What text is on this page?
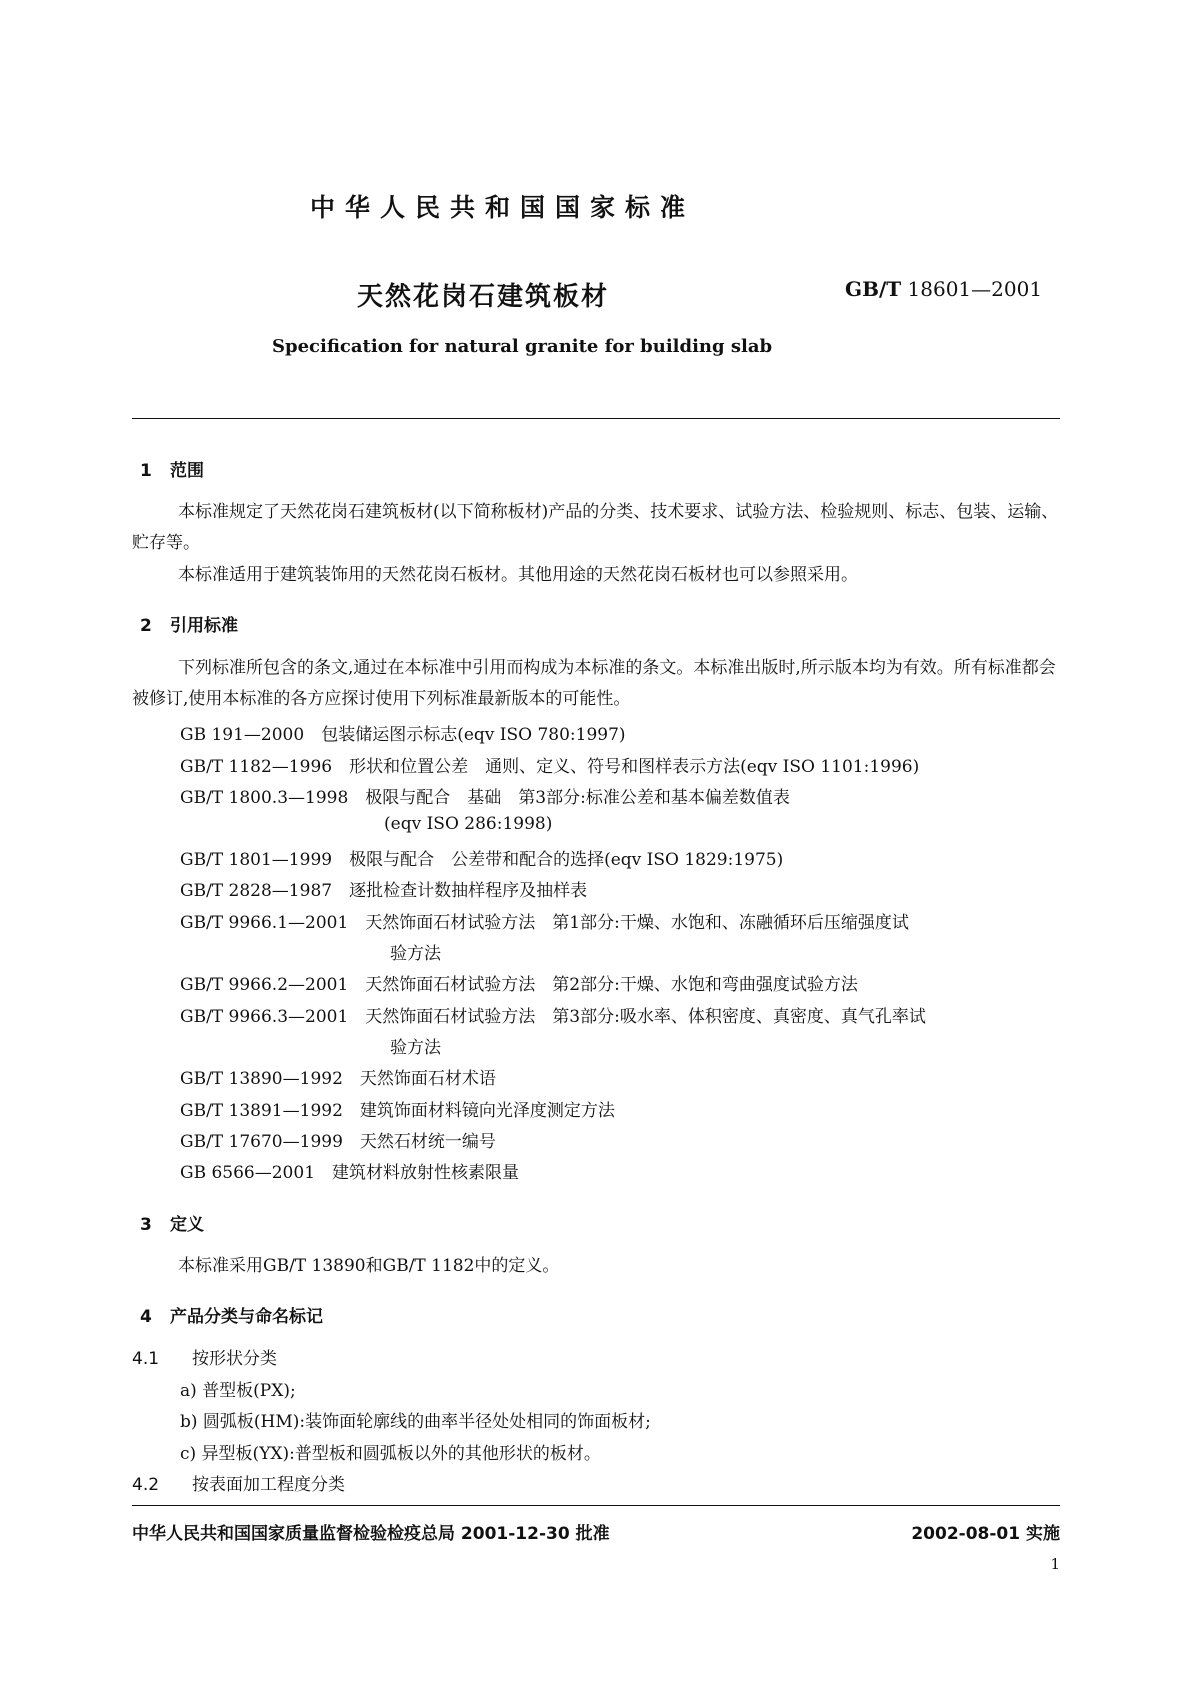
中华人民共和国国家标准
天然花岗石建筑板材	GB/T 18601—2001
Specification for natural granite for building slab
1 范围
本标准规定了天然花岗石建筑板材(以下简称板材)产品的分类、技术要求、试验方法、检验规则、标志、包装、运输、贮存等。
本标准适用于建筑装饰用的天然花岗石板材。其他用途的天然花岗石板材也可以参照采用。
2 引用标准
下列标准所包含的条文,通过在本标准中引用而构成为本标准的条文。本标准出版时,所示版本均为有效。所有标准都会被修订,使用本标准的各方应探讨使用下列标准最新版本的可能性。
GB 191—2000　包装储运图示标志(eqv ISO 780:1997)
GB/T 1182—1996　形状和位置公差　通则、定义、符号和图样表示方法(eqv ISO 1101:1996)
GB/T 1800.3—1998　极限与配合　基础　第3部分:标准公差和基本偏差数值表
(eqv ISO 286:1998)
GB/T 1801—1999　极限与配合　公差带和配合的选择(eqv ISO 1829:1975)
GB/T 2828—1987　逐批检查计数抽样程序及抽样表
GB/T 9966.1—2001　天然饰面石材试验方法　第1部分:干燥、水饱和、冻融循环后压缩强度试
验方法
GB/T 9966.2—2001　天然饰面石材试验方法　第2部分:干燥、水饱和弯曲强度试验方法
GB/T 9966.3—2001　天然饰面石材试验方法　第3部分:吸水率、体积密度、真密度、真气孔率试
验方法
GB/T 13890—1992　天然饰面石材术语
GB/T 13891—1992　建筑饰面材料镜向光泽度测定方法
GB/T 17670—1999　天然石材统一编号
GB 6566—2001　建筑材料放射性核素限量
3 定义
本标准采用GB/T 13890和GB/T 1182中的定义。
4 产品分类与命名标记
4.1 按形状分类
a) 普型板(PX);
b) 圆弧板(HM):装饰面轮廓线的曲率半径处处相同的饰面板材;
c) 异型板(YX):普型板和圆弧板以外的其他形状的板材。
4.2 按表面加工程度分类
中华人民共和国国家质量监督检验检疫总局 2001-12-30 批准	2002-08-01 实施
1
